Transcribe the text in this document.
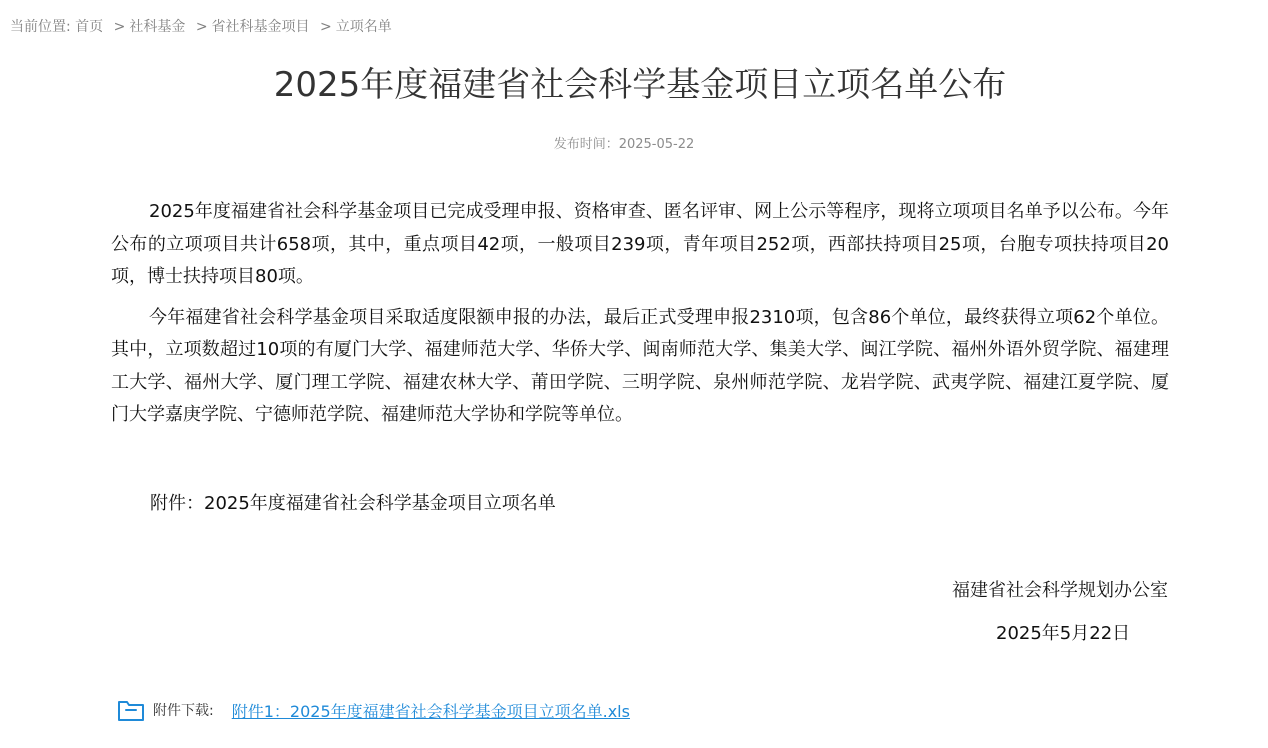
当前位置: 首页 > 社科基金 > 省社科基金项目 > 立项名单
2025年度福建省社会科学基金项目立项名单公布
发布时间：2025-05-22

2025年度福建省社会科学基金项目已完成受理申报、资格审查、匿名评审、网上公示等程序，现将立项项目名单予以公布。今年公布的立项项目共计658项，其中，重点项目42项，一般项目239项，青年项目252项，西部扶持项目25项，台胞专项扶持项目20项，博士扶持项目80项。

今年福建省社会科学基金项目采取适度限额申报的办法，最后正式受理申报2310项，包含86个单位，最终获得立项62个单位。其中，立项数超过10项的有厦门大学、福建师范大学、华侨大学、闽南师范大学、集美大学、闽江学院、福州外语外贸学院、福建理工大学、福州大学、厦门理工学院、福建农林大学、莆田学院、三明学院、泉州师范学院、龙岩学院、武夷学院、福建江夏学院、厦门大学嘉庚学院、宁德师范学院、福建师范大学协和学院等单位。

附件：2025年度福建省社会科学基金项目立项名单
福建省社会科学规划办公室
2025年5月22日
附件下载: 附件1：2025年度福建省社会科学基金项目立项名单.xls
